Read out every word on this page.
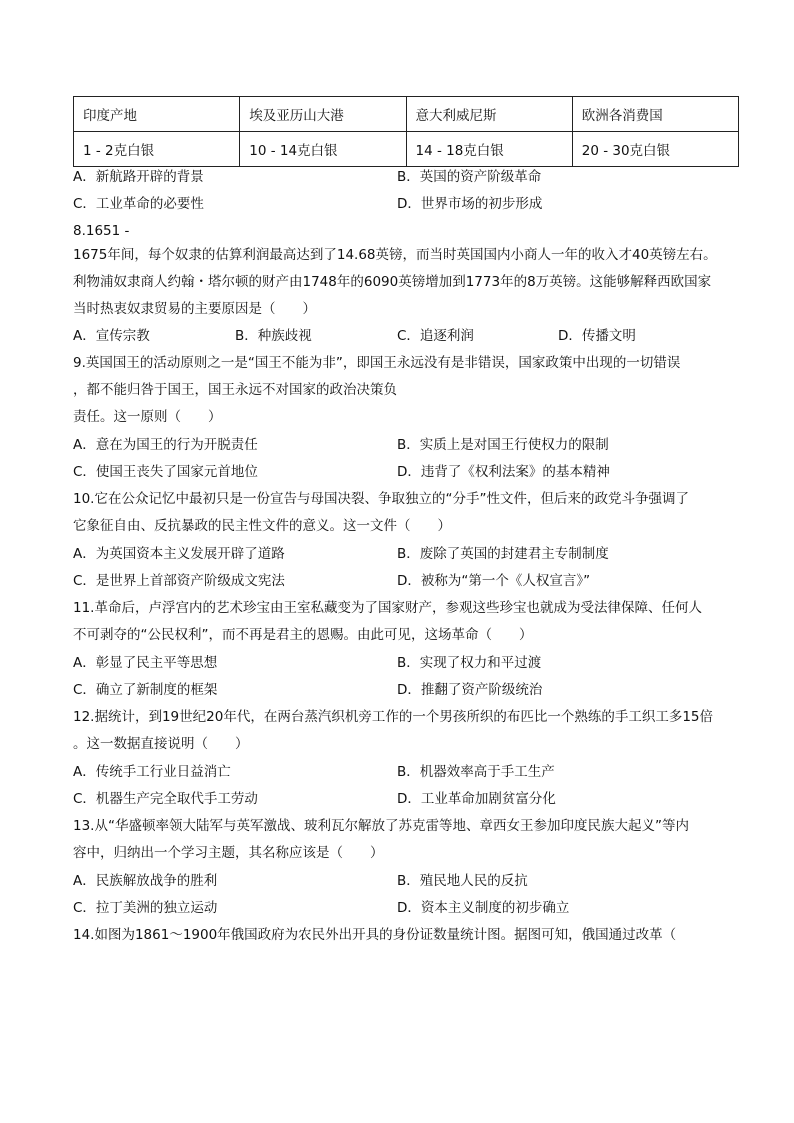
印度产地	埃及亚历山大港	意大利威尼斯	欧洲各消费国
1 - 2克白银	10 - 14克白银	14 - 18克白银	20 - 30克白银
A．新航路开辟的背景	B．英国的资产阶级革命
C．工业革命的必要性	D．世界市场的初步形成
8.1651 -
1675年间，每个奴隶的估算利润最高达到了14.68英镑，而当时英国国内小商人一年的收入才40英镑左右。
利物浦奴隶商人约翰・塔尔顿的财产由1748年的6090英镑增加到1773年的8万英镑。这能够解释西欧国家
当时热衷奴隶贸易的主要原因是（　　）
A．宣传宗教	B．种族歧视	C．追逐利润	D．传播文明
9.英国国王的活动原则之一是“国王不能为非”，即国王永远没有是非错误，国家政策中出现的一切错误
，都不能归咎于国王，国王永远不对国家的政治决策负
责任。这一原则（　　）
A．意在为国王的行为开脱责任	B．实质上是对国王行使权力的限制
C．使国王丧失了国家元首地位	D．违背了《权利法案》的基本精神
10.它在公众记忆中最初只是一份宣告与母国决裂、争取独立的“分手”性文件，但后来的政党斗争强调了
它象征自由、反抗暴政的民主性文件的意义。这一文件（　　）
A．为英国资本主义发展开辟了道路	B．废除了英国的封建君主专制制度
C．是世界上首部资产阶级成文宪法	D．被称为“第一个《人权宣言》”
11.革命后，卢浮宫内的艺术珍宝由王室私藏变为了国家财产，参观这些珍宝也就成为受法律保障、任何人
不可剥夺的“公民权利”，而不再是君主的恩赐。由此可见，这场革命（　　）
A．彰显了民主平等思想	B．实现了权力和平过渡
C．确立了新制度的框架	D．推翻了资产阶级统治
12.据统计，到19世纪20年代，在两台蒸汽织机旁工作的一个男孩所织的布匹比一个熟练的手工织工多15倍
。这一数据直接说明（　　）
A．传统手工行业日益消亡	B．机器效率高于手工生产
C．机器生产完全取代手工劳动	D．工业革命加剧贫富分化
13.从“华盛顿率领大陆军与英军激战、玻利瓦尔解放了苏克雷等地、章西女王参加印度民族大起义”等内
容中，归纳出一个学习主题，其名称应该是（　　）
A．民族解放战争的胜利	B．殖民地人民的反抗
C．拉丁美洲的独立运动	D．资本主义制度的初步确立
14.如图为1861～1900年俄国政府为农民外出开具的身份证数量统计图。据图可知，俄国通过改革（
